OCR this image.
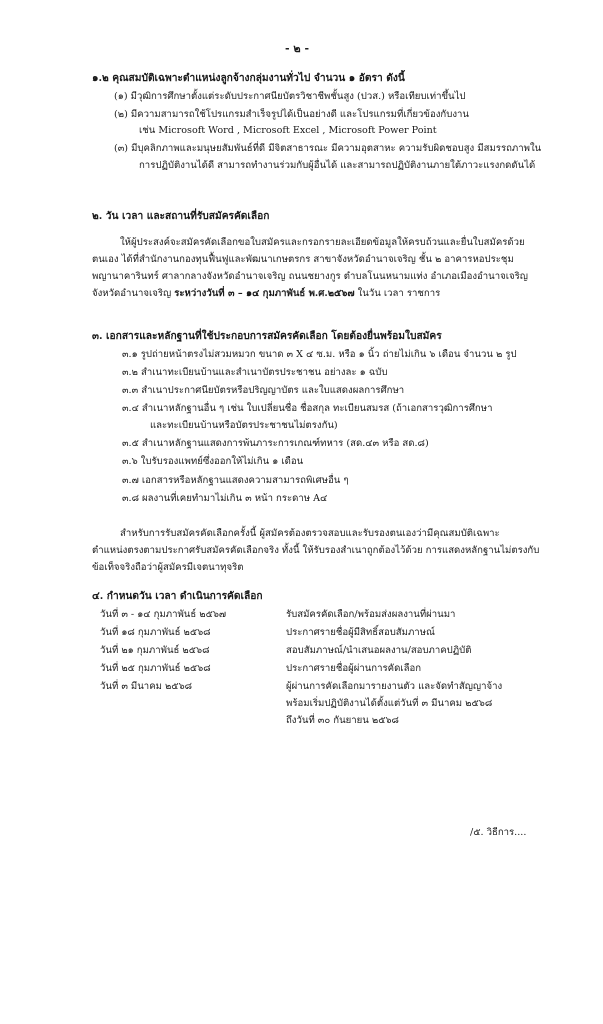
- ๒ -
๑.๒ คุณสมบัติเฉพาะตำแหน่งลูกจ้างกลุ่มงานทั่วไป จำนวน ๑ อัตรา ดังนี้
(๑) มีวุฒิการศึกษาตั้งแต่ระดับประกาศนียบัตรวิชาชีพชั้นสูง (ปวส.) หรือเทียบเท่าขึ้นไป
(๒) มีความสามารถใช้โปรแกรมสำเร็จรูปได้เป็นอย่างดี และโปรแกรมที่เกี่ยวข้องกับงาน
เช่น Microsoft Word , Microsoft Excel , Microsoft Power Point
(๓) มีบุคลิกภาพและมนุษยสัมพันธ์ที่ดี มีจิตสาธารณะ มีความอุตสาหะ ความรับผิดชอบสูง มีสมรรถภาพใน
การปฏิบัติงานได้ดี สามารถทำงานร่วมกับผู้อื่นได้ และสามารถปฏิบัติงานภายใต้ภาวะแรงกดดันได้
๒. วัน เวลา และสถานที่รับสมัครคัดเลือก
ให้ผู้ประสงค์จะสมัครคัดเลือกขอใบสมัครและกรอกรายละเอียดข้อมูลให้ครบถ้วนและยื่นใบสมัครด้วย
ตนเอง ได้ที่สำนักงานกองทุนฟื้นฟูและพัฒนาเกษตรกร สาขาจังหวัดอำนาจเจริญ ชั้น ๒ อาคารหอประชุม
พญานาคารินทร์ ศาลากลางจังหวัดอำนาจเจริญ ถนนชยางกูร ตำบลโนนหนามแท่ง อำเภอเมืองอำนาจเจริญ
จังหวัดอำนาจเจริญ ระหว่างวันที่ ๓ – ๑๔ กุมภาพันธ์ พ.ศ.๒๕๖๗ ในวัน เวลา ราชการ
๓. เอกสารและหลักฐานที่ใช้ประกอบการสมัครคัดเลือก โดยต้องยื่นพร้อมใบสมัคร
๓.๑ รูปถ่ายหน้าตรงไม่สวมหมวก ขนาด ๓ X ๔ ซ.ม. หรือ ๑ นิ้ว ถ่ายไม่เกิน ๖ เดือน จำนวน ๒ รูป
๓.๒ สำเนาทะเบียนบ้านและสำเนาบัตรประชาชน อย่างละ ๑ ฉบับ
๓.๓ สำเนาประกาศนียบัตรหรือปริญญาบัตร และใบแสดงผลการศึกษา
๓.๔ สำเนาหลักฐานอื่น ๆ เช่น ใบเปลี่ยนชื่อ ชื่อสกุล ทะเบียนสมรส (ถ้าเอกสารวุฒิการศึกษา
และทะเบียนบ้านหรือบัตรประชาชนไม่ตรงกัน)
๓.๕ สำเนาหลักฐานแสดงการพ้นภาระการเกณฑ์ทหาร (สด.๔๓ หรือ สด.๘)
๓.๖ ใบรับรองแพทย์ซึ่งออกให้ไม่เกิน ๑ เดือน
๓.๗ เอกสารหรือหลักฐานแสดงความสามารถพิเศษอื่น ๆ
๓.๘ ผลงานที่เคยทำมาไม่เกิน ๓ หน้า กระดาษ A๔
สำหรับการรับสมัครคัดเลือกครั้งนี้ ผู้สมัครต้องตรวจสอบและรับรองตนเองว่ามีคุณสมบัติเฉพาะ
ตำแหน่งตรงตามประกาศรับสมัครคัดเลือกจริง ทั้งนี้ ให้รับรองสำเนาถูกต้องไว้ด้วย การแสดงหลักฐานไม่ตรงกับ
ข้อเท็จจริงถือว่าผู้สมัครมีเจตนาทุจริต
๔. กำหนดวัน เวลา ดำเนินการคัดเลือก
วันที่ ๓ - ๑๔ กุมภาพันธ์ ๒๕๖๗	รับสมัครคัดเลือก/พร้อมส่งผลงานที่ผ่านมา
วันที่ ๑๘ กุมภาพันธ์ ๒๕๖๘	ประกาศรายชื่อผู้มีสิทธิ์สอบสัมภาษณ์
วันที่ ๒๑ กุมภาพันธ์ ๒๕๖๘	สอบสัมภาษณ์/นำเสนอผลงาน/สอบภาคปฏิบัติ
วันที่ ๒๕ กุมภาพันธ์ ๒๕๖๘	ประกาศรายชื่อผู้ผ่านการคัดเลือก
วันที่ ๓ มีนาคม ๒๕๖๘	ผู้ผ่านการคัดเลือกมารายงานตัว และจัดทำสัญญาจ้าง
พร้อมเริ่มปฏิบัติงานได้ตั้งแต่วันที่ ๓ มีนาคม ๒๕๖๘
ถึงวันที่ ๓๐ กันยายน ๒๕๖๘
/๕. วิธีการ....
